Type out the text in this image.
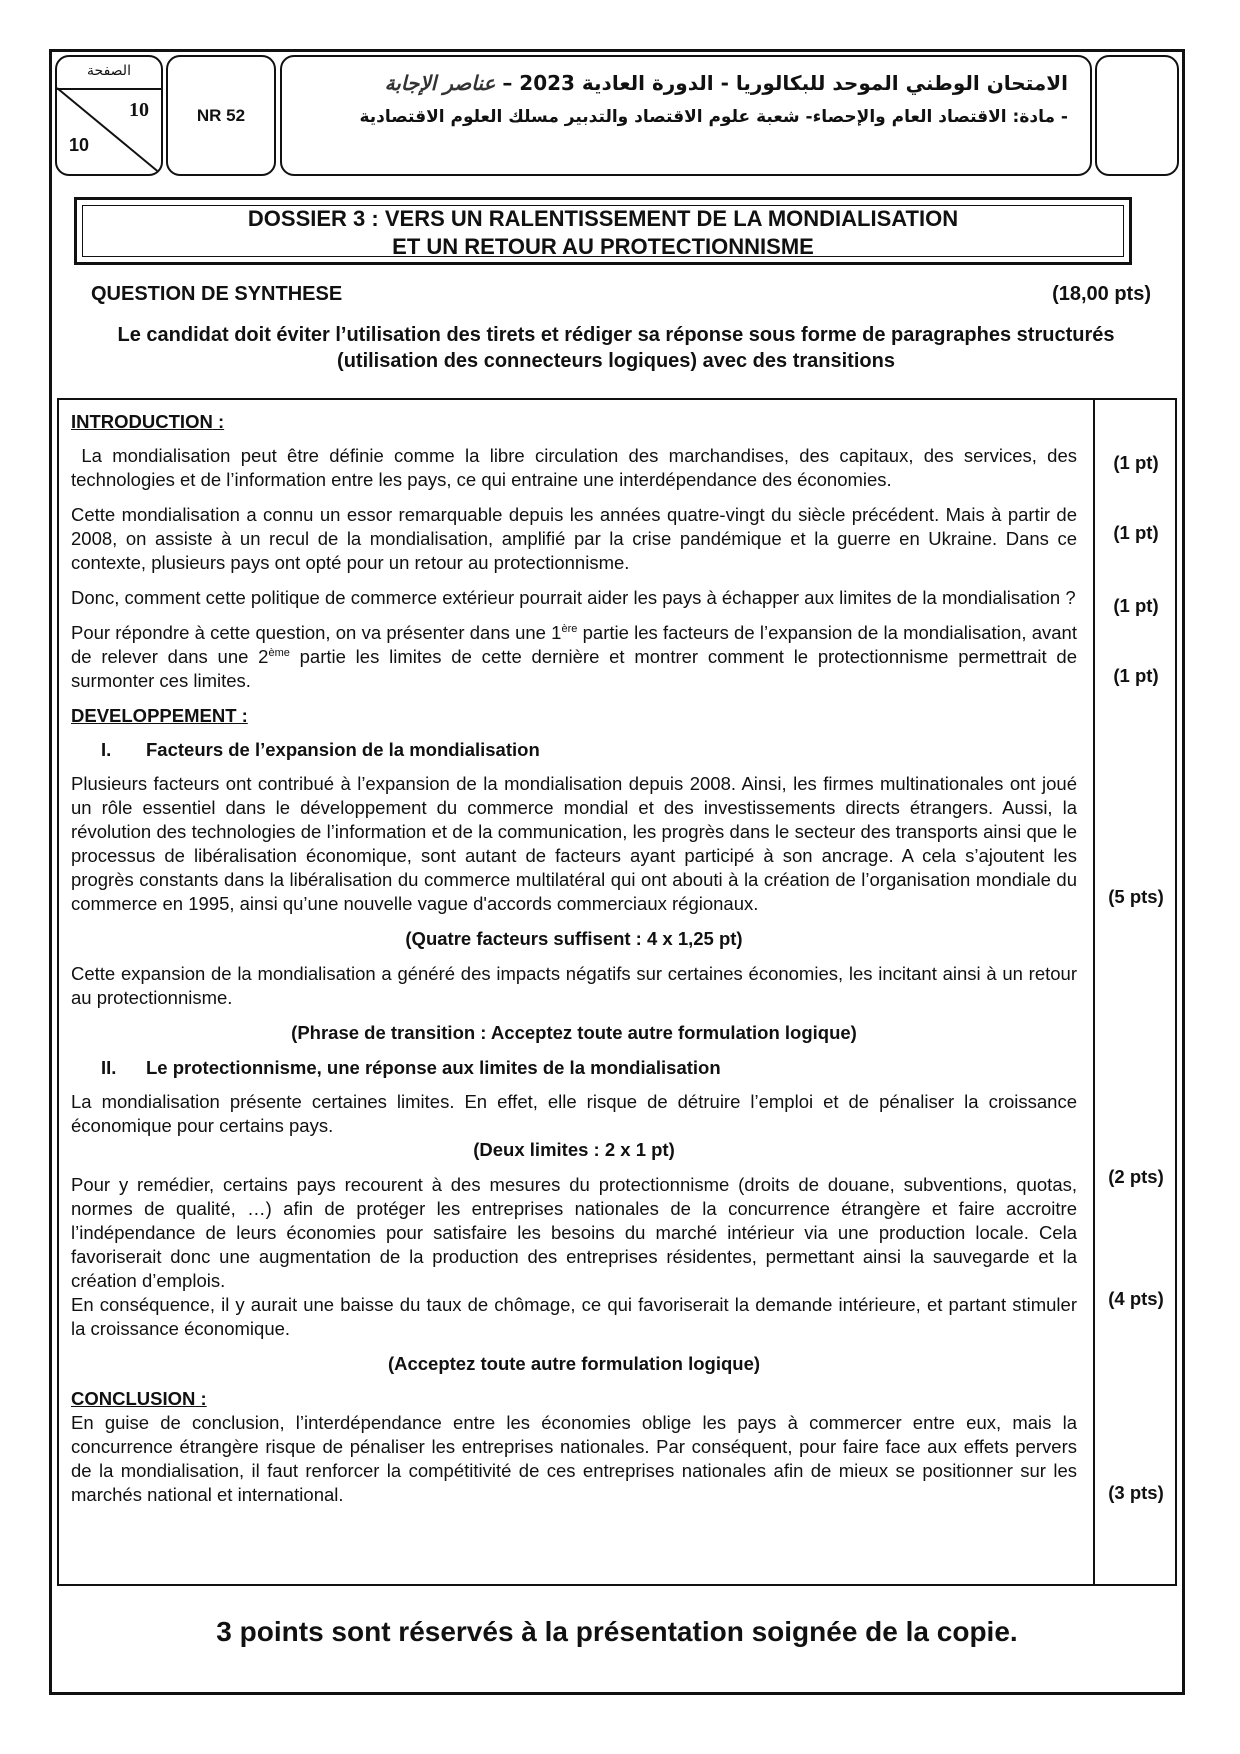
الصفحة
10
10
NR 52
الامتحان الوطني الموحد للبكالوريا - الدورة العادية 2023 – عناصر الإجابة
- مادة: الاقتصاد العام والإحصاء- شعبة علوم الاقتصاد والتدبير مسلك العلوم الاقتصادية
DOSSIER 3 : VERS UN RALENTISSEMENT DE LA MONDIALISATION
ET UN RETOUR AU PROTECTIONNISME
QUESTION DE SYNTHESE	(18,00 pts)
Le candidat doit éviter l’utilisation des tirets et rédiger sa réponse sous forme de paragraphes structurés (utilisation des connecteurs logiques) avec des transitions

INTRODUCTION :

La mondialisation peut être définie comme la libre circulation des marchandises, des capitaux, des services, des technologies et de l’information entre les pays, ce qui entraine une interdépendance des économies.

Cette mondialisation a connu un essor remarquable depuis les années quatre-vingt du siècle précédent. Mais à partir de 2008, on assiste à un recul de la mondialisation, amplifié par la crise pandémique et la guerre en Ukraine. Dans ce contexte, plusieurs pays ont opté pour un retour au protectionnisme.

Donc, comment cette politique de commerce extérieur pourrait aider les pays à échapper aux limites de la mondialisation ?

Pour répondre à cette question, on va présenter dans une 1ère partie les facteurs de l’expansion de la mondialisation, avant de relever dans une 2ème partie les limites de cette dernière et montrer comment le protectionnisme permettrait de surmonter ces limites.

DEVELOPPEMENT :

I. Facteurs de l’expansion de la mondialisation

Plusieurs facteurs ont contribué à l’expansion de la mondialisation depuis 2008. Ainsi, les firmes multinationales ont joué un rôle essentiel dans le développement du commerce mondial et des investissements directs étrangers. Aussi, la révolution des technologies de l’information et de la communication, les progrès dans le secteur des transports ainsi que le processus de libéralisation économique, sont autant de facteurs ayant participé à son ancrage. A cela s’ajoutent les progrès constants dans la libéralisation du commerce multilatéral qui ont abouti à la création de l’organisation mondiale du commerce en 1995, ainsi qu’une nouvelle vague d'accords commerciaux régionaux.

(Quatre facteurs suffisent : 4 x 1,25 pt)

Cette expansion de la mondialisation a généré des impacts négatifs sur certaines économies, les incitant ainsi à un retour au protectionnisme.

(Phrase de transition : Acceptez toute autre formulation logique)

II. Le protectionnisme, une réponse aux limites de la mondialisation

La mondialisation présente certaines limites. En effet, elle risque de détruire l’emploi et de pénaliser la croissance économique pour certains pays.

(Deux limites : 2 x 1 pt)

Pour y remédier, certains pays recourent à des mesures du protectionnisme (droits de douane, subventions, quotas, normes de qualité, …) afin de protéger les entreprises nationales de la concurrence étrangère et faire accroitre l’indépendance de leurs économies pour satisfaire les besoins du marché intérieur via une production locale. Cela favoriserait donc une augmentation de la production des entreprises résidentes, permettant ainsi la sauvegarde et la création d’emplois.

En conséquence, il y aurait une baisse du taux de chômage, ce qui favoriserait la demande intérieure, et partant stimuler la croissance économique.

(Acceptez toute autre formulation logique)

CONCLUSION :

En guise de conclusion, l’interdépendance entre les économies oblige les pays à commercer entre eux, mais la concurrence étrangère risque de pénaliser les entreprises nationales. Par conséquent, pour faire face aux effets pervers de la mondialisation, il faut renforcer la compétitivité de ces entreprises nationales afin de mieux se positionner sur les marchés national et international.

(1 pt)
(1 pt)
(1 pt)
(1 pt)
(5 pts)
(2 pts)
(4 pts)
(3 pts)
3 points sont réservés à la présentation soignée de la copie.
